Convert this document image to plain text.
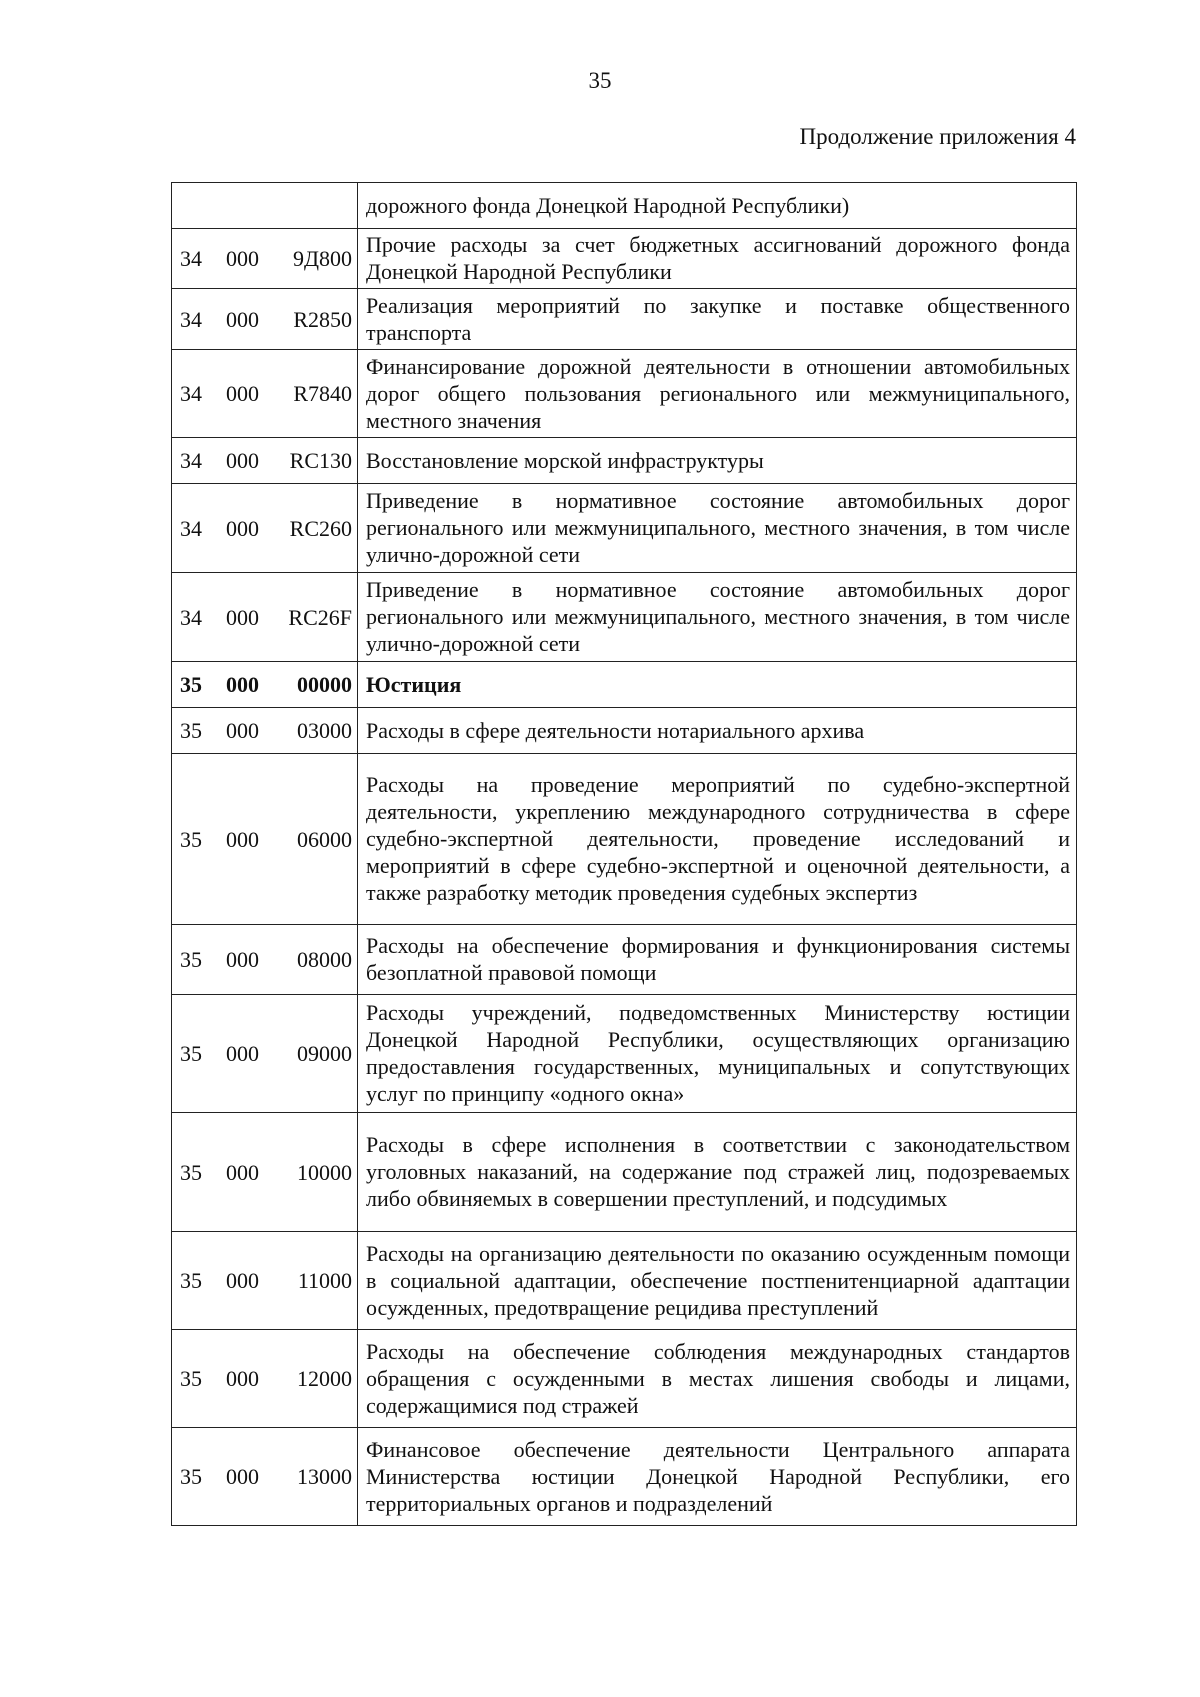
35
Продолжение приложения 4
	дорожного фонда Донецкой Народной Республики)
34 000 9Д800	Прочие расходы за счет бюджетных ассигнований дорожного фонда Донецкой Народной Республики
34 000 R2850	Реализация мероприятий по закупке и поставке общественного транспорта
34 000 R7840	Финансирование дорожной деятельности в отношении автомобильных дорог общего пользования регионального или межмуниципального, местного значения
34 000 RC130	Восстановление морской инфраструктуры
34 000 RC260	Приведение в нормативное состояние автомобильных дорог регионального или межмуниципального, местного значения, в том числе улично-дорожной сети
34 000 RC26F	Приведение в нормативное состояние автомобильных дорог регионального или межмуниципального, местного значения, в том числе улично-дорожной сети
35 000 00000	Юстиция
35 000 03000	Расходы в сфере деятельности нотариального архива
35 000 06000	Расходы на проведение мероприятий по судебно-экспертной деятельности, укреплению международного сотрудничества в сфере судебно-экспертной деятельности, проведение исследований и мероприятий в сфере судебно-экспертной и оценочной деятельности, а также разработку методик проведения судебных экспертиз
35 000 08000	Расходы на обеспечение формирования и функционирования системы безоплатной правовой помощи
35 000 09000	Расходы учреждений, подведомственных Министерству юстиции Донецкой Народной Республики, осуществляющих организацию предоставления государственных, муниципальных и сопутствующих услуг по принципу «одного окна»
35 000 10000	Расходы в сфере исполнения в соответствии с законодательством уголовных наказаний, на содержание под стражей лиц, подозреваемых либо обвиняемых в совершении преступлений, и подсудимых
35 000 11000	Расходы на организацию деятельности по оказанию осужденным помощи в социальной адаптации, обеспечение постпенитенциарной адаптации осужденных, предотвращение рецидива преступлений
35 000 12000	Расходы на обеспечение соблюдения международных стандартов обращения с осужденными в местах лишения свободы и лицами, содержащимися под стражей
35 000 13000	Финансовое обеспечение деятельности Центрального аппарата Министерства юстиции Донецкой Народной Республики, его территориальных органов и подразделений
